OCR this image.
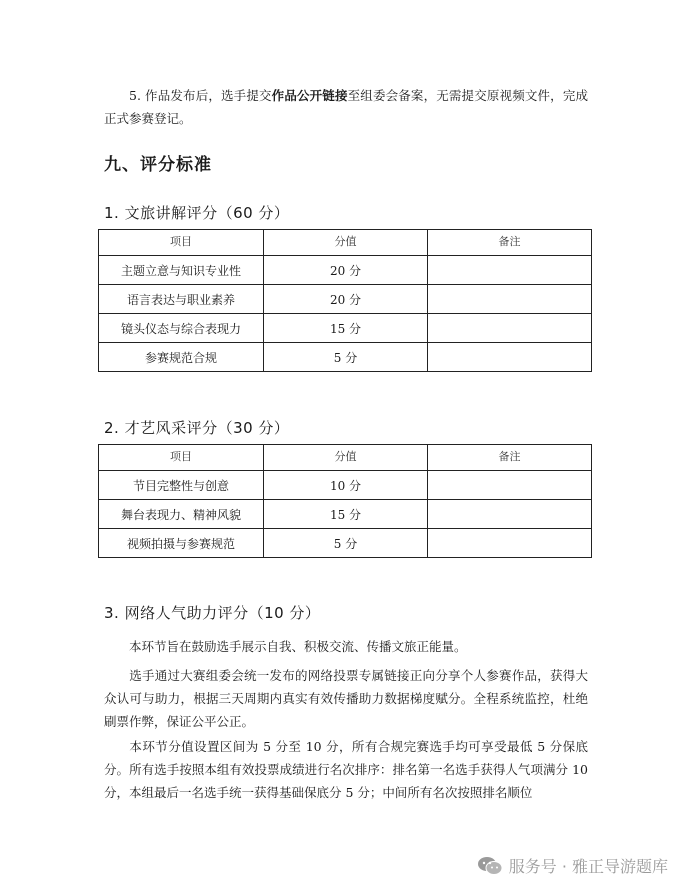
5. 作品发布后，选手提交作品公开链接至组委会备案，无需提交原视频文件，完成正式参赛登记。
九、评分标准
1. 文旅讲解评分（60 分）
项目	分值	备注
主题立意与知识专业性	20 分	
语言表达与职业素养	20 分	
镜头仪态与综合表现力	15 分	
参赛规范合规	5 分	
2. 才艺风采评分（30 分）
项目	分值	备注
节目完整性与创意	10 分	
舞台表现力、精神风貌	15 分	
视频拍摄与参赛规范	5 分	
3. 网络人气助力评分（10 分）
本环节旨在鼓励选手展示自我、积极交流、传播文旅正能量。
选手通过大赛组委会统一发布的网络投票专属链接正向分享个人参赛作品，获得大众认可与助力，根据三天周期内真实有效传播助力数据梯度赋分。全程系统监控，杜绝刷票作弊，保证公平公正。
本环节分值设置区间为 5 分至 10 分，所有合规完赛选手均可享受最低 5 分保底分。所有选手按照本组有效投票成绩进行名次排序：排名第一名选手获得人气项满分 10 分，本组最后一名选手统一获得基础保底分 5 分；中间所有名次按照排名顺位
服务号 · 雅正导游题库
